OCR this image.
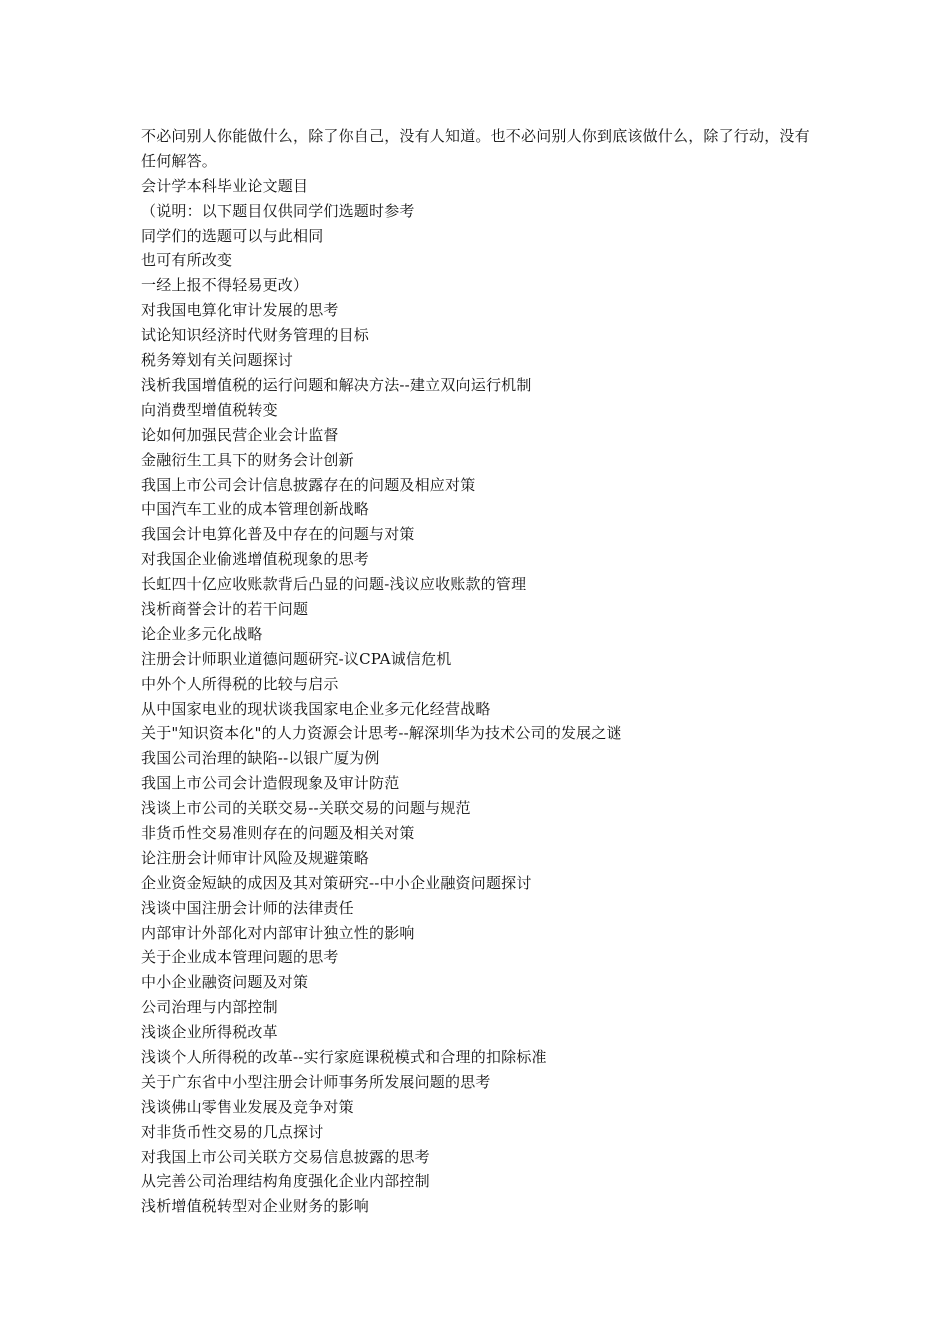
不必问别人你能做什么，除了你自己，没有人知道。也不必问别人你到底该做什么，除了行动，没有任何解答。

会计学本科毕业论文题目
（说明：以下题目仅供同学们选题时参考
同学们的选题可以与此相同
也可有所改变
一经上报不得轻易更改）
对我国电算化审计发展的思考
试论知识经济时代财务管理的目标
税务筹划有关问题探讨
浅析我国增值税的运行问题和解决方法--建立双向运行机制
向消费型增值税转变
论如何加强民营企业会计监督
金融衍生工具下的财务会计创新
我国上市公司会计信息披露存在的问题及相应对策
中国汽车工业的成本管理创新战略
我国会计电算化普及中存在的问题与对策
对我国企业偷逃增值税现象的思考
长虹四十亿应收账款背后凸显的问题-浅议应收账款的管理
浅析商誉会计的若干问题
论企业多元化战略
注册会计师职业道德问题研究-议CPA诚信危机
中外个人所得税的比较与启示
从中国家电业的现状谈我国家电企业多元化经营战略
关于"知识资本化"的人力资源会计思考--解深圳华为技术公司的发展之谜
我国公司治理的缺陷--以银广厦为例
我国上市公司会计造假现象及审计防范
浅谈上市公司的关联交易--关联交易的问题与规范
非货币性交易准则存在的问题及相关对策
论注册会计师审计风险及规避策略
企业资金短缺的成因及其对策研究--中小企业融资问题探讨
浅谈中国注册会计师的法律责任
内部审计外部化对内部审计独立性的影响
关于企业成本管理问题的思考
中小企业融资问题及对策
公司治理与内部控制
浅谈企业所得税改革
浅谈个人所得税的改革--实行家庭课税模式和合理的扣除标准
关于广东省中小型注册会计师事务所发展问题的思考
浅谈佛山零售业发展及竞争对策
对非货币性交易的几点探讨
对我国上市公司关联方交易信息披露的思考
从完善公司治理结构角度强化企业内部控制
浅析增值税转型对企业财务的影响
